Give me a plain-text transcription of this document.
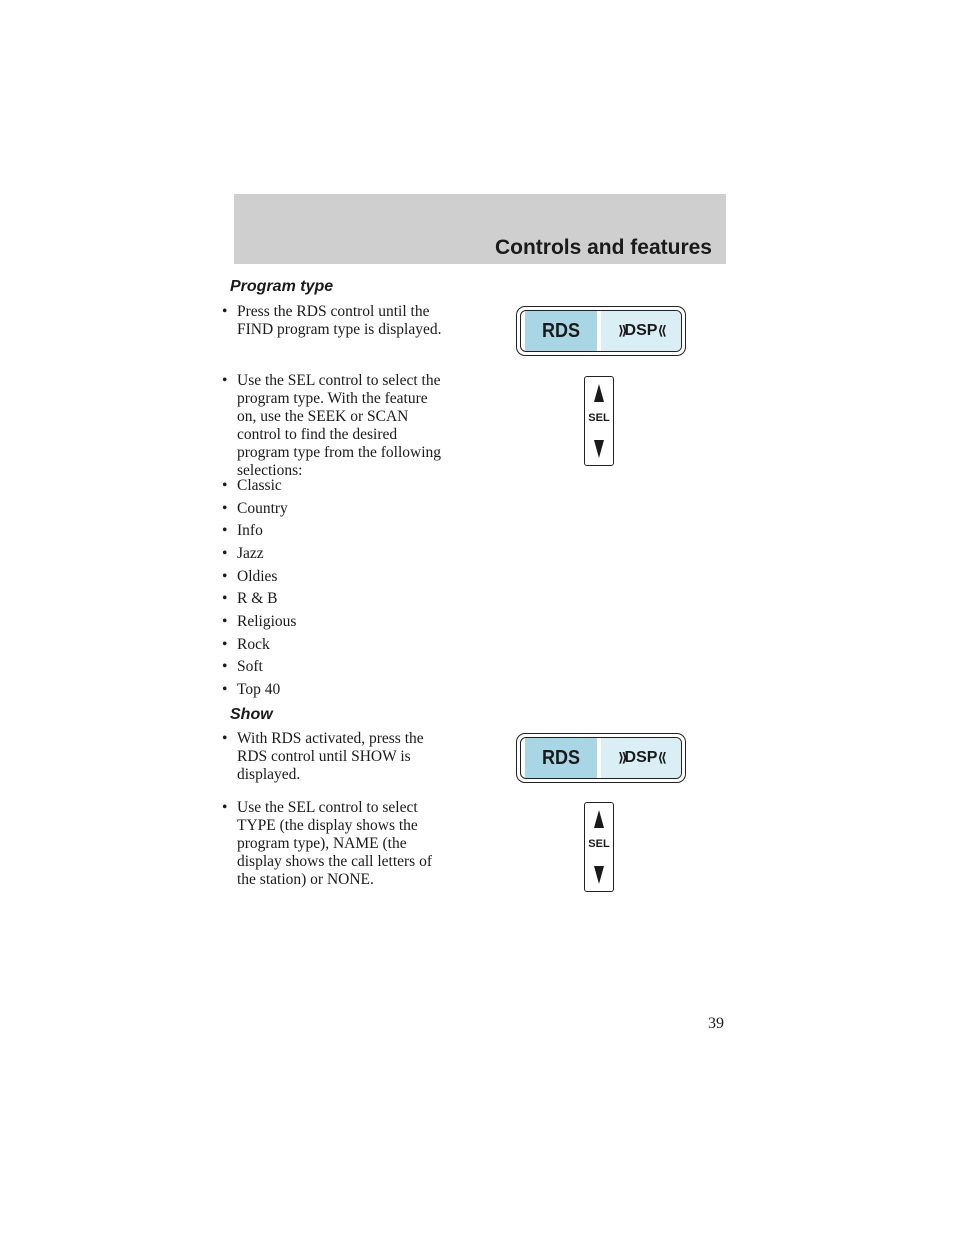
Controls and features
Program type
• Press the RDS control until the
FIND program type is displayed.
• Use the SEL control to select the
program type. With the feature
on, use the SEEK or SCAN
control to find the desired
program type from the following
selections:
• Classic
• Country
• Info
• Jazz
• Oldies
• R & B
• Religious
• Rock
• Soft
• Top 40
Show
• With RDS activated, press the
RDS control until SHOW is
displayed.
• Use the SEL control to select
TYPE (the display shows the
program type), NAME (the
display shows the call letters of
the station) or NONE.
RDS	⟫ DSP ⟪
SEL
RDS	⟫ DSP ⟪
SEL
39
